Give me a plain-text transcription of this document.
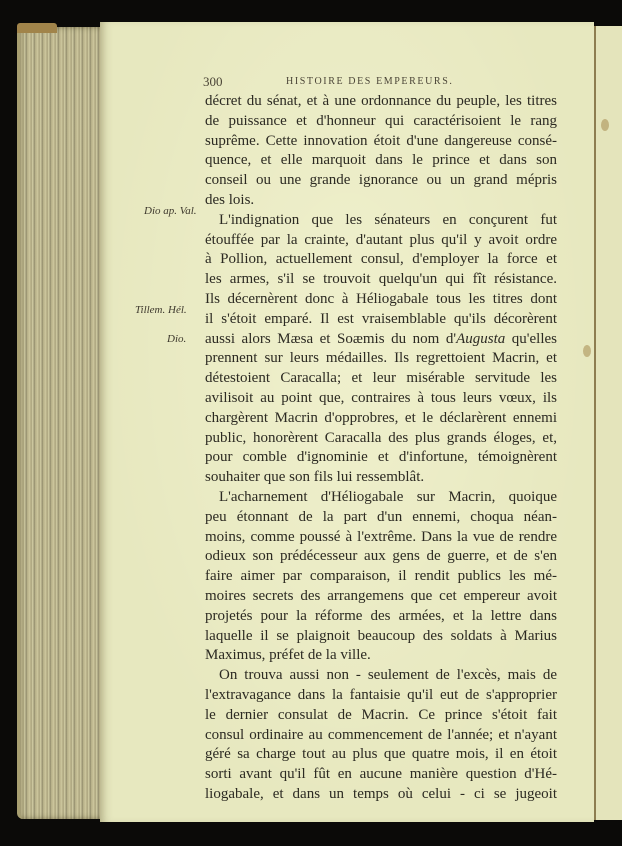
300	HISTOIRE DES EMPEREURS.
Dio ap. Val.
Tillem. Hél.
Dio.
décret du sénat, et à une ordonnance du peuple, les titres
de puissance et d'honneur qui caractérisoient le rang
suprême. Cette innovation étoit d'une dangereuse consé-
quence, et elle marquoit dans le prince et dans son
conseil ou une grande ignorance ou un grand mépris
des lois.
L'indignation que les sénateurs en conçurent fut
étouffée par la crainte, d'autant plus qu'il y avoit ordre
à Pollion, actuellement consul, d'employer la force et
les armes, s'il se trouvoit quelqu'un qui fît résistance.
Ils décernèrent donc à Héliogabale tous les titres dont
il s'étoit emparé. Il est vraisemblable qu'ils décorèrent
aussi alors Mæsa et Soæmis du nom d'Augusta qu'elles
prennent sur leurs médailles. Ils regrettoient Macrin, et
détestoient Caracalla; et leur misérable servitude les
avilisoit au point que, contraires à tous leurs vœux, ils
chargèrent Macrin d'opprobres, et le déclarèrent ennemi
public, honorèrent Caracalla des plus grands éloges, et,
pour comble d'ignominie et d'infortune, témoignèrent
souhaiter que son fils lui ressemblât.
L'acharnement d'Héliogabale sur Macrin, quoique
peu étonnant de la part d'un ennemi, choqua néan-
moins, comme poussé à l'extrême. Dans la vue de rendre
odieux son prédécesseur aux gens de guerre, et de s'en
faire aimer par comparaison, il rendit publics les mé-
moires secrets des arrangemens que cet empereur avoit
projetés pour la réforme des armées, et la lettre dans
laquelle il se plaignoit beaucoup des soldats à Marius
Maximus, préfet de la ville.
On trouva aussi non - seulement de l'excès, mais de
l'extravagance dans la fantaisie qu'il eut de s'approprier
le dernier consulat de Macrin. Ce prince s'étoit fait
consul ordinaire au commencement de l'année; et n'ayant
géré sa charge tout au plus que quatre mois, il en étoit
sorti avant qu'il fût en aucune manière question d'Hé-
liogabale, et dans un temps où celui - ci se jugeoit
